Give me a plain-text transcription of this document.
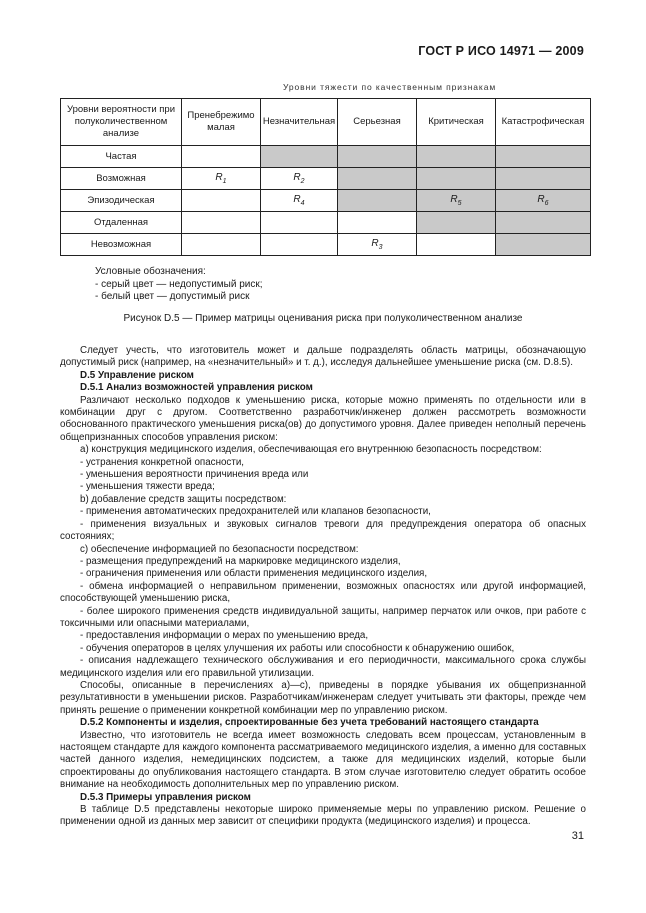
ГОСТ Р ИСО 14971 — 2009
Уровни тяжести по качественным признакам
Уровни вероятности при полуколичественном анализе	Пренебрежимо малая	Незначительная	Серьезная	Критическая	Катастрофическая
Частая					
Возможная	$R_1$	$R_2$			
Эпизодическая		$R_4$		$R_5$	$R_6$
Отдаленная					
Невозможная			$R_3$		
Условные обозначения:
- серый цвет — недопустимый риск;
- белый цвет — допустимый риск
Рисунок D.5 — Пример матрицы оценивания риска при полуколичественном анализе

Следует учесть, что изготовитель может и дальше подразделять область матрицы, обозначающую допустимый риск (например, на «незначительный» и т. д.), исследуя дальнейшее уменьшение риска (см. D.8.5).

D.5 Управление риском

D.5.1 Анализ возможностей управления риском

Различают несколько подходов к уменьшению риска, которые можно применять по отдельности или в комбинации друг с другом. Соответственно разработчик/инженер должен рассмотреть возможности обоснованного практического уменьшения риска(ов) до допустимого уровня. Далее приведен неполный перечень общепризнанных способов управления риском:

a) конструкция медицинского изделия, обеспечивающая его внутреннюю безопасность посредством:

- устранения конкретной опасности,

- уменьшения вероятности причинения вреда или

- уменьшения тяжести вреда;

b) добавление средств защиты посредством:

- применения автоматических предохранителей или клапанов безопасности,

- применения визуальных и звуковых сигналов тревоги для предупреждения оператора об опасных состояниях;

c) обеспечение информацией по безопасности посредством:

- размещения предупреждений на маркировке медицинского изделия,

- ограничения применения или области применения медицинского изделия,

- обмена информацией о неправильном применении, возможных опасностях или другой информацией, способствующей уменьшению риска,

- более широкого применения средств индивидуальной защиты, например перчаток или очков, при работе с токсичными или опасными материалами,

- предоставления информации о мерах по уменьшению вреда,

- обучения операторов в целях улучшения их работы или способности к обнаружению ошибок,

- описания надлежащего технического обслуживания и его периодичности, максимального срока службы медицинского изделия или его правильной утилизации.

Способы, описанные в перечислениях a)—c), приведены в порядке убывания их общепризнанной результативности в уменьшении рисков. Разработчикам/инженерам следует учитывать эти факторы, прежде чем принять решение о применении конкретной комбинации мер по управлению риском.

D.5.2 Компоненты и изделия, спроектированные без учета требований настоящего стандарта

Известно, что изготовитель не всегда имеет возможность следовать всем процессам, установленным в настоящем стандарте для каждого компонента рассматриваемого медицинского изделия, а именно для составных частей данного изделия, немедицинских подсистем, а также для медицинских изделий, которые были спроектированы до опубликования настоящего стандарта. В этом случае изготовителю следует обратить особое внимание на необходимость дополнительных мер по управлению риском.

D.5.3 Примеры управления риском

В таблице D.5 представлены некоторые широко применяемые меры по управлению риском. Решение о применении одной из данных мер зависит от специфики продукта (медицинского изделия) и процесса.

31
